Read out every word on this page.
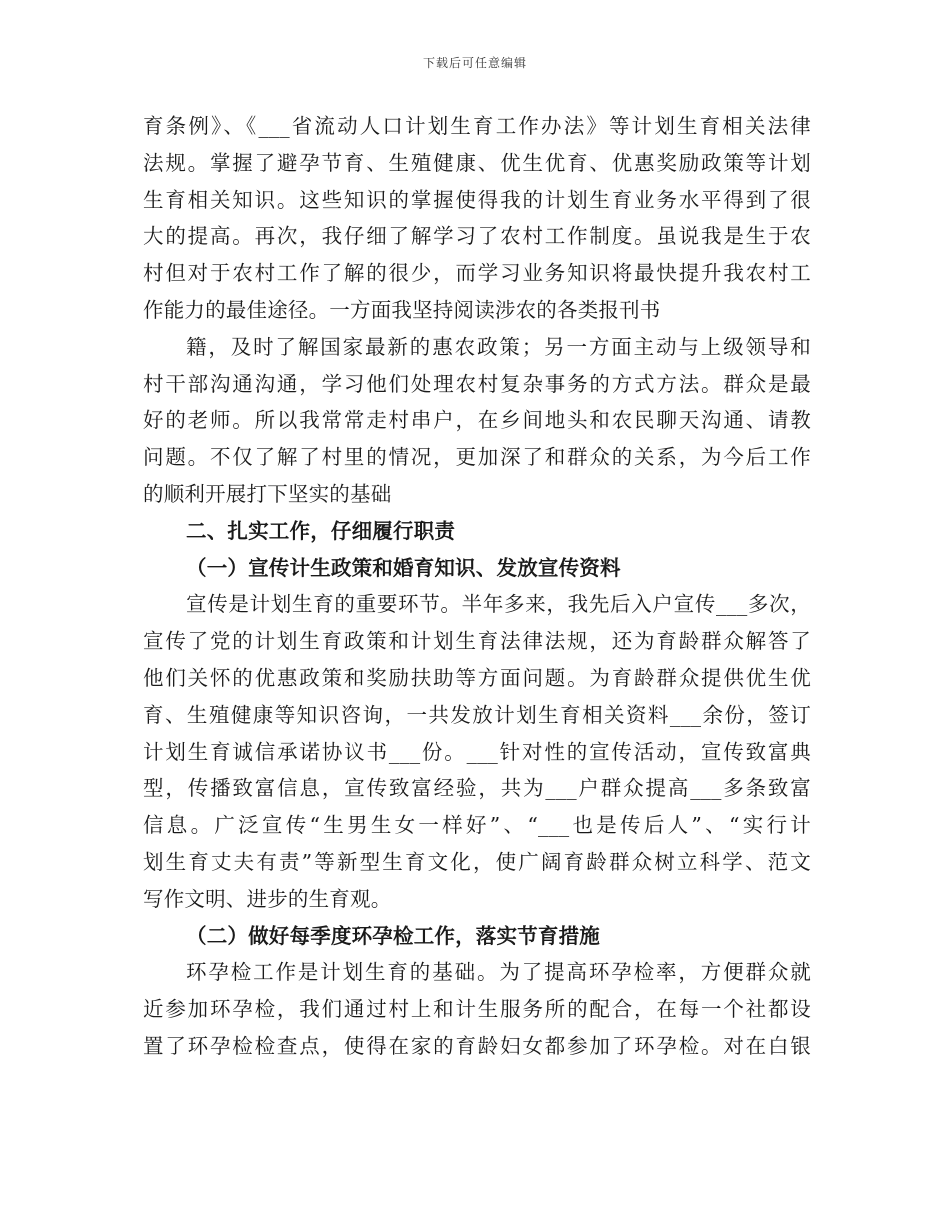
下载后可任意编辑
育条例》、《___省流动人口计划生育工作办法》等计划生育相关法律
法规。掌握了避孕节育、生殖健康、优生优育、优惠奖励政策等计划
生育相关知识。这些知识的掌握使得我的计划生育业务水平得到了很
大的提高。再次，我仔细了解学习了农村工作制度。虽说我是生于农
村但对于农村工作了解的很少，而学习业务知识将最快提升我农村工
作能力的最佳途径。一方面我坚持阅读涉农的各类报刊书
籍，及时了解国家最新的惠农政策；另一方面主动与上级领导和
村干部沟通沟通，学习他们处理农村复杂事务的方式方法。群众是最
好的老师。所以我常常走村串户，在乡间地头和农民聊天沟通、请教
问题。不仅了解了村里的情况，更加深了和群众的关系，为今后工作
的顺利开展打下坚实的基础
二、扎实工作，仔细履行职责
（一）宣传计生政策和婚育知识、发放宣传资料
宣传是计划生育的重要环节。半年多来，我先后入户宣传___多次，
宣传了党的计划生育政策和计划生育法律法规，还为育龄群众解答了
他们关怀的优惠政策和奖励扶助等方面问题。为育龄群众提供优生优
育、生殖健康等知识咨询，一共发放计划生育相关资料___余份，签订
计划生育诚信承诺协议书___份。___针对性的宣传活动，宣传致富典
型，传播致富信息，宣传致富经验，共为___户群众提高___多条致富
信息。广泛宣传“生男生女一样好”、“___也是传后人”、“实行计
划生育丈夫有责”等新型生育文化，使广阔育龄群众树立科学、范文
写作文明、进步的生育观。
（二）做好每季度环孕检工作，落实节育措施
环孕检工作是计划生育的基础。为了提高环孕检率，方便群众就
近参加环孕检，我们通过村上和计生服务所的配合，在每一个社都设
置了环孕检检查点，使得在家的育龄妇女都参加了环孕检。对在白银
